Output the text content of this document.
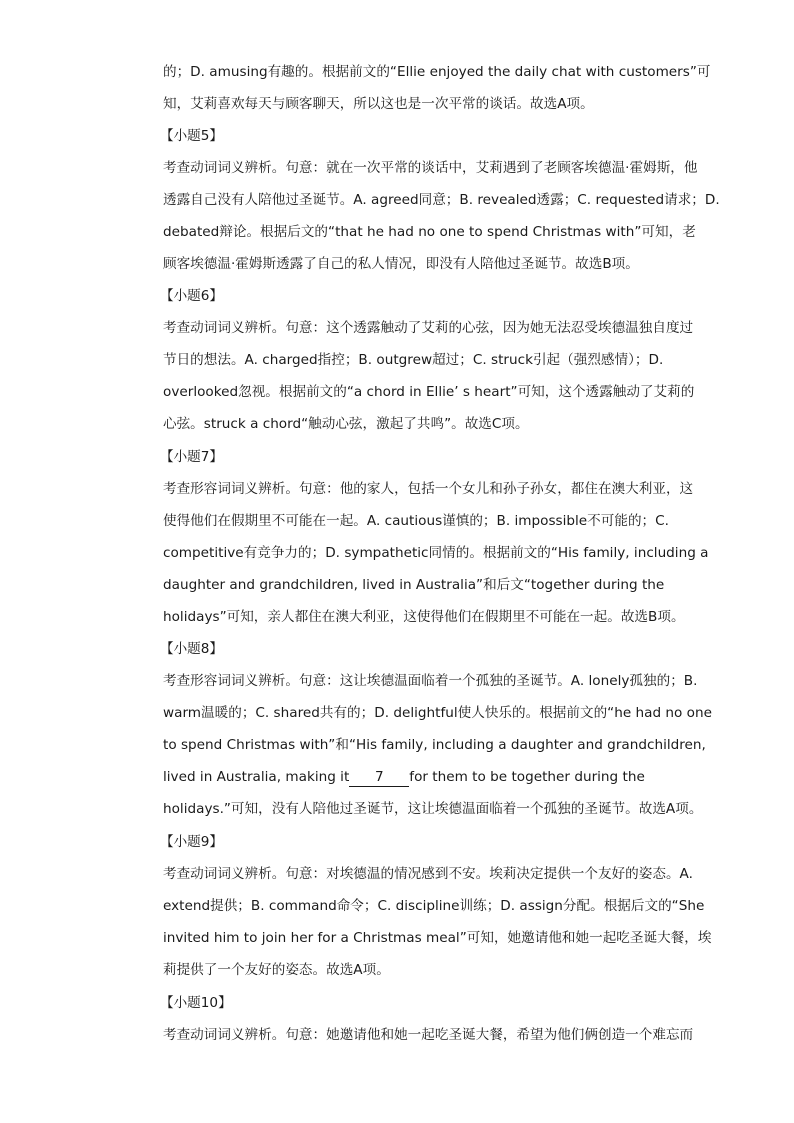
的；D. amusing有趣的。根据前文的“Ellie enjoyed the daily chat with customers”可
知，艾莉喜欢每天与顾客聊天，所以这也是一次平常的谈话。故选A项。
【小题5】
考查动词词义辨析。句意：就在一次平常的谈话中，艾莉遇到了老顾客埃德温·霍姆斯，他
透露自己没有人陪他过圣诞节。A. agreed同意；B. revealed透露；C. requested请求；D.
debated辩论。根据后文的“that he had no one to spend Christmas with”可知，老
顾客埃德温·霍姆斯透露了自己的私人情况，即没有人陪他过圣诞节。故选B项。
【小题6】
考查动词词义辨析。句意：这个透露触动了艾莉的心弦，因为她无法忍受埃德温独自度过
节日的想法。A. charged指控；B. outgrew超过；C. struck引起（强烈感情）；D.
overlooked忽视。根据前文的“a chord in Ellie’ s heart”可知，这个透露触动了艾莉的
心弦。struck a chord“触动心弦，激起了共鸣”。故选C项。
【小题7】
考查形容词词义辨析。句意：他的家人，包括一个女儿和孙子孙女，都住在澳大利亚，这
使得他们在假期里不可能在一起。A. cautious谨慎的；B. impossible不可能的；C.
competitive有竞争力的；D. sympathetic同情的。根据前文的“His family, including a
daughter and grandchildren, lived in Australia”和后文“together during the
holidays”可知，亲人都住在澳大利亚，这使得他们在假期里不可能在一起。故选B项。
【小题8】
考查形容词词义辨析。句意：这让埃德温面临着一个孤独的圣诞节。A. lonely孤独的；B.
warm温暖的；C. shared共有的；D. delightful使人快乐的。根据前文的“he had no one
to spend Christmas with”和“His family, including a daughter and grandchildren,
lived in Australia, making it 7 for them to be together during the
holidays.”可知，没有人陪他过圣诞节，这让埃德温面临着一个孤独的圣诞节。故选A项。
【小题9】
考查动词词义辨析。句意：对埃德温的情况感到不安。埃莉决定提供一个友好的姿态。A.
extend提供；B. command命令；C. discipline训练；D. assign分配。根据后文的“She
invited him to join her for a Christmas meal”可知，她邀请他和她一起吃圣诞大餐，埃
莉提供了一个友好的姿态。故选A项。
【小题10】
考查动词词义辨析。句意：她邀请他和她一起吃圣诞大餐，希望为他们俩创造一个难忘而
